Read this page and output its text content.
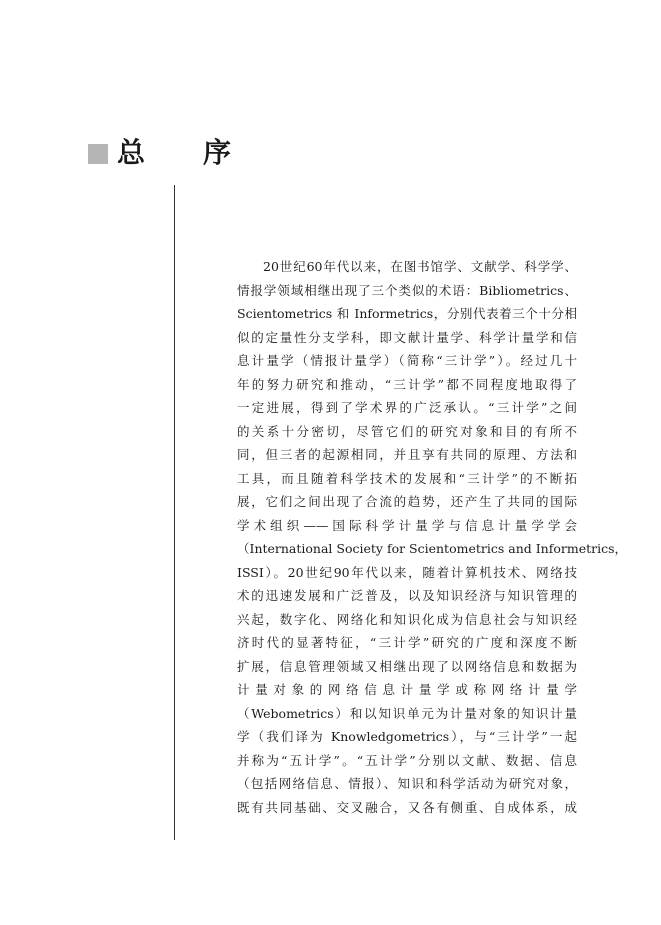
总 序
20世纪60年代以来，在图书馆学、文献学、科学学、
情报学领域相继出现了三个类似的术语：Bibliometrics、
Scientometrics 和 Informetrics，分别代表着三个十分相
似的定量性分支学科，即文献计量学、科学计量学和信
息计量学（情报计量学）（简称“三计学”）。经过几十
年的努力研究和推动，“三计学”都不同程度地取得了
一定进展，得到了学术界的广泛承认。“三计学”之间
的关系十分密切，尽管它们的研究对象和目的有所不
同，但三者的起源相同，并且享有共同的原理、方法和
工具，而且随着科学技术的发展和“三计学”的不断拓
展，它们之间出现了合流的趋势，还产生了共同的国际
学术组织——国际科学计量学与信息计量学学会
（International Society for Scientometrics and Informetrics，
ISSI）。20世纪90年代以来，随着计算机技术、网络技
术的迅速发展和广泛普及，以及知识经济与知识管理的
兴起，数字化、网络化和知识化成为信息社会与知识经
济时代的显著特征，“三计学”研究的广度和深度不断
扩展，信息管理领域又相继出现了以网络信息和数据为
计量对象的网络信息计量学或称网络计量学
（Webometrics）和以知识单元为计量对象的知识计量
学（我们译为 Knowledgometrics），与“三计学”一起
并称为“五计学”。“五计学”分别以文献、数据、信息
（包括网络信息、情报）、知识和科学活动为研究对象，
既有共同基础、交叉融合，又各有侧重、自成体系，成
